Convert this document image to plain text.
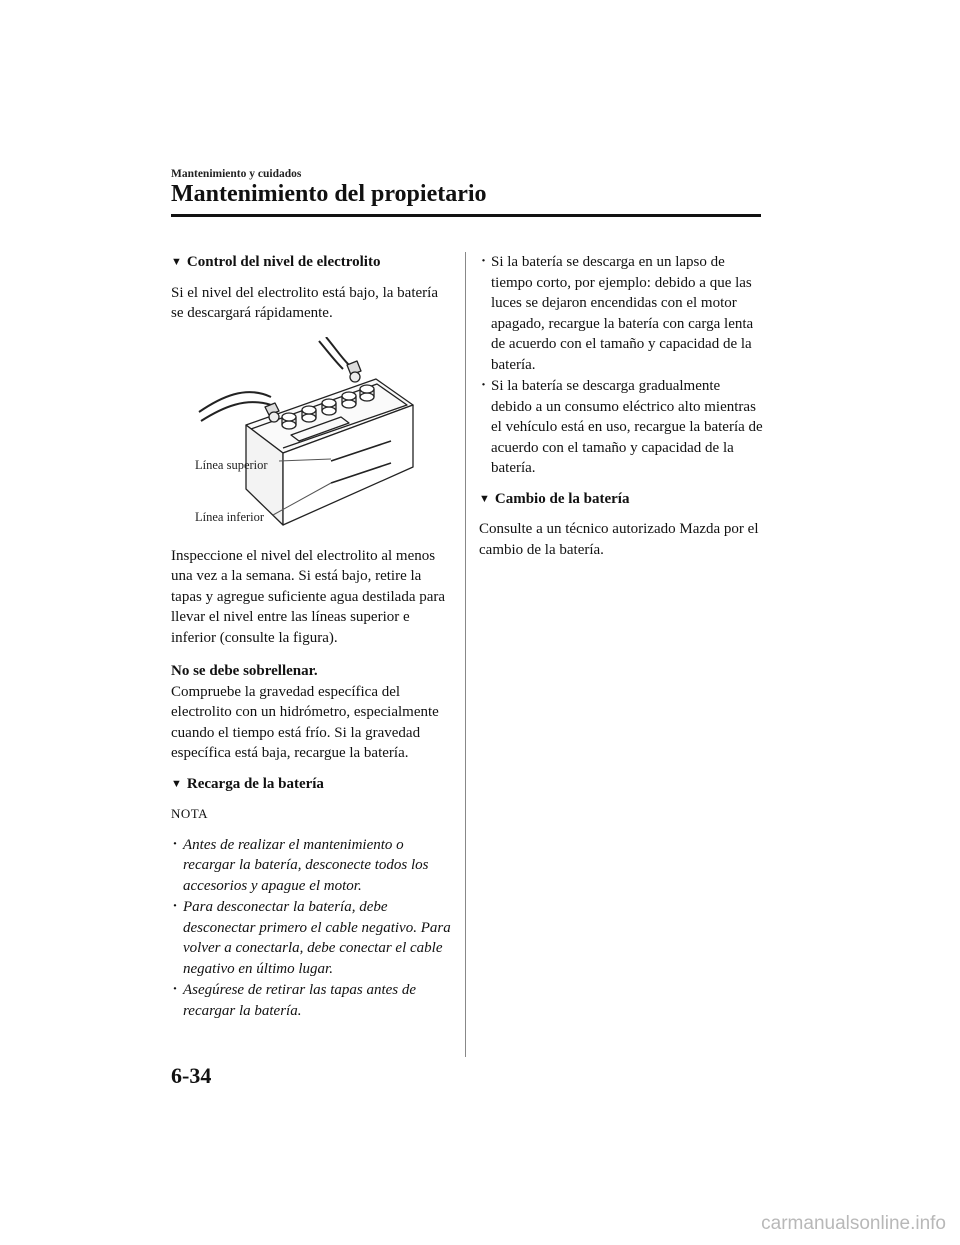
Mantenimiento y cuidados
Mantenimiento del propietario
▼ Control del nivel de electrolito

Si el nivel del electrolito está bajo, la batería se descargará rápidamente.

Línea superior
Línea inferior

Inspeccione el nivel del electrolito al menos una vez a la semana. Si está bajo, retire la tapas y agregue suficiente agua destilada para llevar el nivel entre las líneas superior e inferior (consulte la figura).

No se debe sobrellenar.
Compruebe la gravedad específica del electrolito con un hidrómetro, especialmente cuando el tiempo está frío. Si la gravedad específica está baja, recargue la batería.

▼ Recarga de la batería
NOTA
· Antes de realizar el mantenimiento o recargar la batería, desconecte todos los accesorios y apague el motor.
· Para desconectar la batería, debe desconectar primero el cable negativo. Para volver a conectarla, debe conectar el cable negativo en último lugar.
· Asegúrese de retirar las tapas antes de recargar la batería.
· Si la batería se descarga en un lapso de tiempo corto, por ejemplo: debido a que las luces se dejaron encendidas con el motor apagado, recargue la batería con carga lenta de acuerdo con el tamaño y capacidad de la batería.
· Si la batería se descarga gradualmente debido a un consumo eléctrico alto mientras el vehículo está en uso, recargue la batería de acuerdo con el tamaño y capacidad de la batería.
▼ Cambio de la batería

Consulte a un técnico autorizado Mazda por el cambio de la batería.

6-34
carmanualsonline.info
